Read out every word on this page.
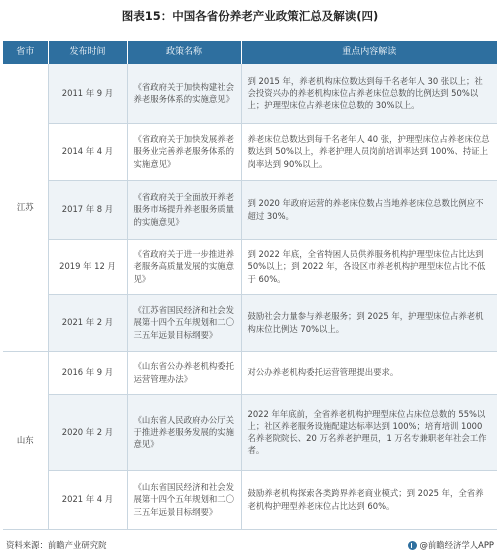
图表15：中国各省份养老产业政策汇总及解读(四)
省市	发布时间	政策名称	重点内容解读
江苏	2011 年 9 月	《省政府关于加快构建社会养老服务体系的实施意见》	到 2015 年，养老机构床位数达到每千名老年人 30 张以上；社会投资兴办的养老机构床位占养老床位总数的比例达到 50%以上；护理型床位占养老床位总数的 30%以上。
	2014 年 4 月	《省政府关于加快发展养老服务业完善养老服务体系的实施意见》	养老床位总数达到每千名老年人 40 张，护理型床位占养老床位总数达到 50%以上，养老护理人员岗前培训率达到 100%、持证上岗率达到 90%以上。
	2017 年 8 月	《省政府关于全面放开养老服务市场提升养老服务质量的实施意见》	到 2020 年政府运营的养老床位数占当地养老床位总数比例应不超过 30%。
	2019 年 12 月	《省政府关于进一步推进养老服务高质量发展的实施意见》	到 2022 年底，全省特困人员供养服务机构护理型床位占比达到 50%以上；到 2022 年，各设区市养老机构护理型床位占比不低于 60%。
	2021 年 2 月	《江苏省国民经济和社会发展第十四个五年规划和二〇三五年远景目标纲要》	鼓励社会力量参与养老服务；到 2025 年，护理型床位占养老机构床位比例达 70%以上。
山东	2016 年 9 月	《山东省公办养老机构委托运营管理办法》	对公办养老机构委托运营管理提出要求。
	2020 年 2 月	《山东省人民政府办公厅关于推进养老服务发展的实施意见》	2022 年年底前，全省养老机构护理型床位占床位总数的 55%以上；社区养老服务设施配建达标率达到 100%；培育培训 1000 名养老院院长、20 万名养老护理员，1 万名专兼职老年社会工作者。
	2021 年 4 月	《山东省国民经济和社会发展第十四个五年规划和二〇三五年远景目标纲要》	鼓励养老机构探索各类跨界养老商业模式；到 2025 年，全省养老机构护理型养老床位占比达到 60%。
资料来源：前瞻产业研究院	@前瞻经济学人APP
